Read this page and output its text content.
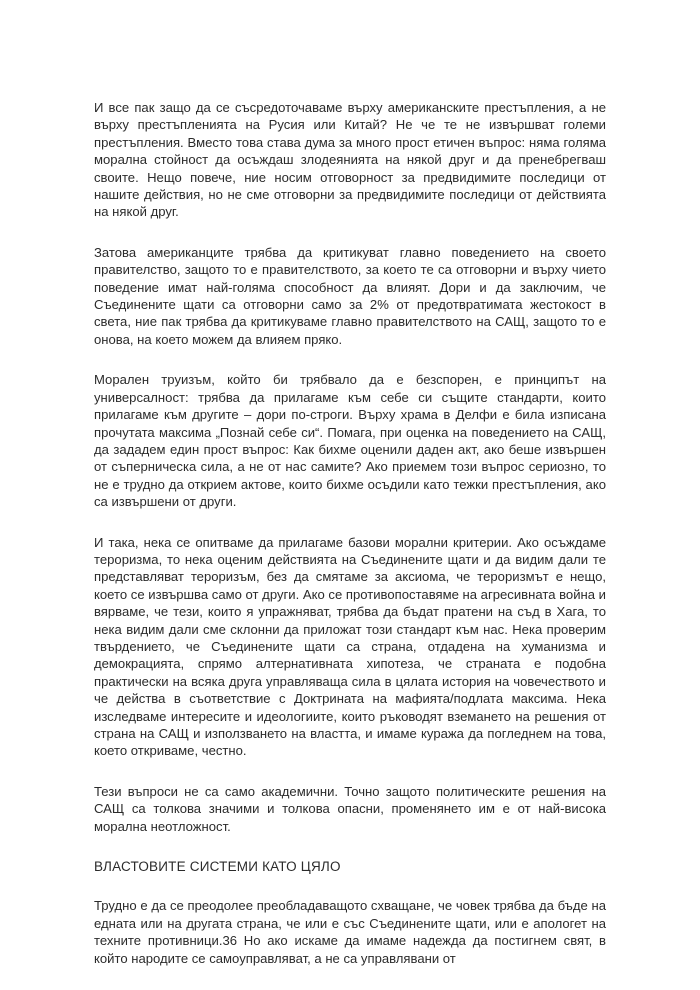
И все пак защо да се съсредоточаваме върху американските престъпления, а не върху престъпленията на Русия или Китай? Не че те не извършват големи престъпления. Вместо това става дума за много прост етичен въпрос: няма голяма морална стойност да осъждаш злодеянията на някой друг и да пренебрегваш своите. Нещо повече, ние носим отговорност за предвидимите последици от нашите действия, но не сме отговорни за предвидимите последици от действията на някой друг.

Затова американците трябва да критикуват главно поведението на своето правителство, защото то е правителството, за което те са отговорни и върху чието поведение имат най-голяма способност да влияят. Дори и да заключим, че Съединените щати са отговорни само за 2% от предотвратимата жестокост в света, ние пак трябва да критикуваме главно правителството на САЩ, защото то е онова, на което можем да влияем пряко.

Морален труизъм, който би трябвало да е безспорен, е принципът на универсалност: трябва да прилагаме към себе си същите стандарти, които прилагаме към другите – дори по-строги. Върху храма в Делфи е била изписана прочутата максима „Познай себе си“. Помага, при оценка на поведението на САЩ, да зададем един прост въпрос: Как бихме оценили даден акт, ако беше извършен от съперническа сила, а не от нас самите? Ако приемем този въпрос сериозно, то не е трудно да открием актове, които бихме осъдили като тежки престъпления, ако са извършени от други.

И така, нека се опитваме да прилагаме базови морални критерии. Ако осъждаме тероризма, то нека оценим действията на Съединените щати и да видим дали те представляват тероризъм, без да смятаме за аксиома, че тероризмът е нещо, което се извършва само от други. Ако се противопоставяме на агресивната война и вярваме, че тези, които я упражняват, трябва да бъдат пратени на съд в Хага, то нека видим дали сме склонни да приложат този стандарт към нас. Нека проверим твърдението, че Съединените щати са страна, отдадена на хуманизма и демокрацията, спрямо алтернативната хипотеза, че страната е подобна практически на всяка друга управляваща сила в цялата история на човечеството и че действа в съответствие с Доктрината на мафията/подлата максима. Нека изследваме интересите и идеологиите, които ръководят вземането на решения от страна на САЩ и използването на властта, и имаме куража да погледнем на това, което откриваме, честно.

Тези въпроси не са само академични. Точно защото политическите решения на САЩ са толкова значими и толкова опасни, променянето им е от най-висока морална неотложност.

ВЛАСТОВИТЕ СИСТЕМИ КАТО ЦЯЛО

Трудно е да се преодолее преобладаващото схващане, че човек трябва да бъде на едната или на другата страна, че или е със Съединените щати, или е апологет на техните противници.36 Но ако искаме да имаме надежда да постигнем свят, в който народите се самоуправляват, а не са управлявани от
